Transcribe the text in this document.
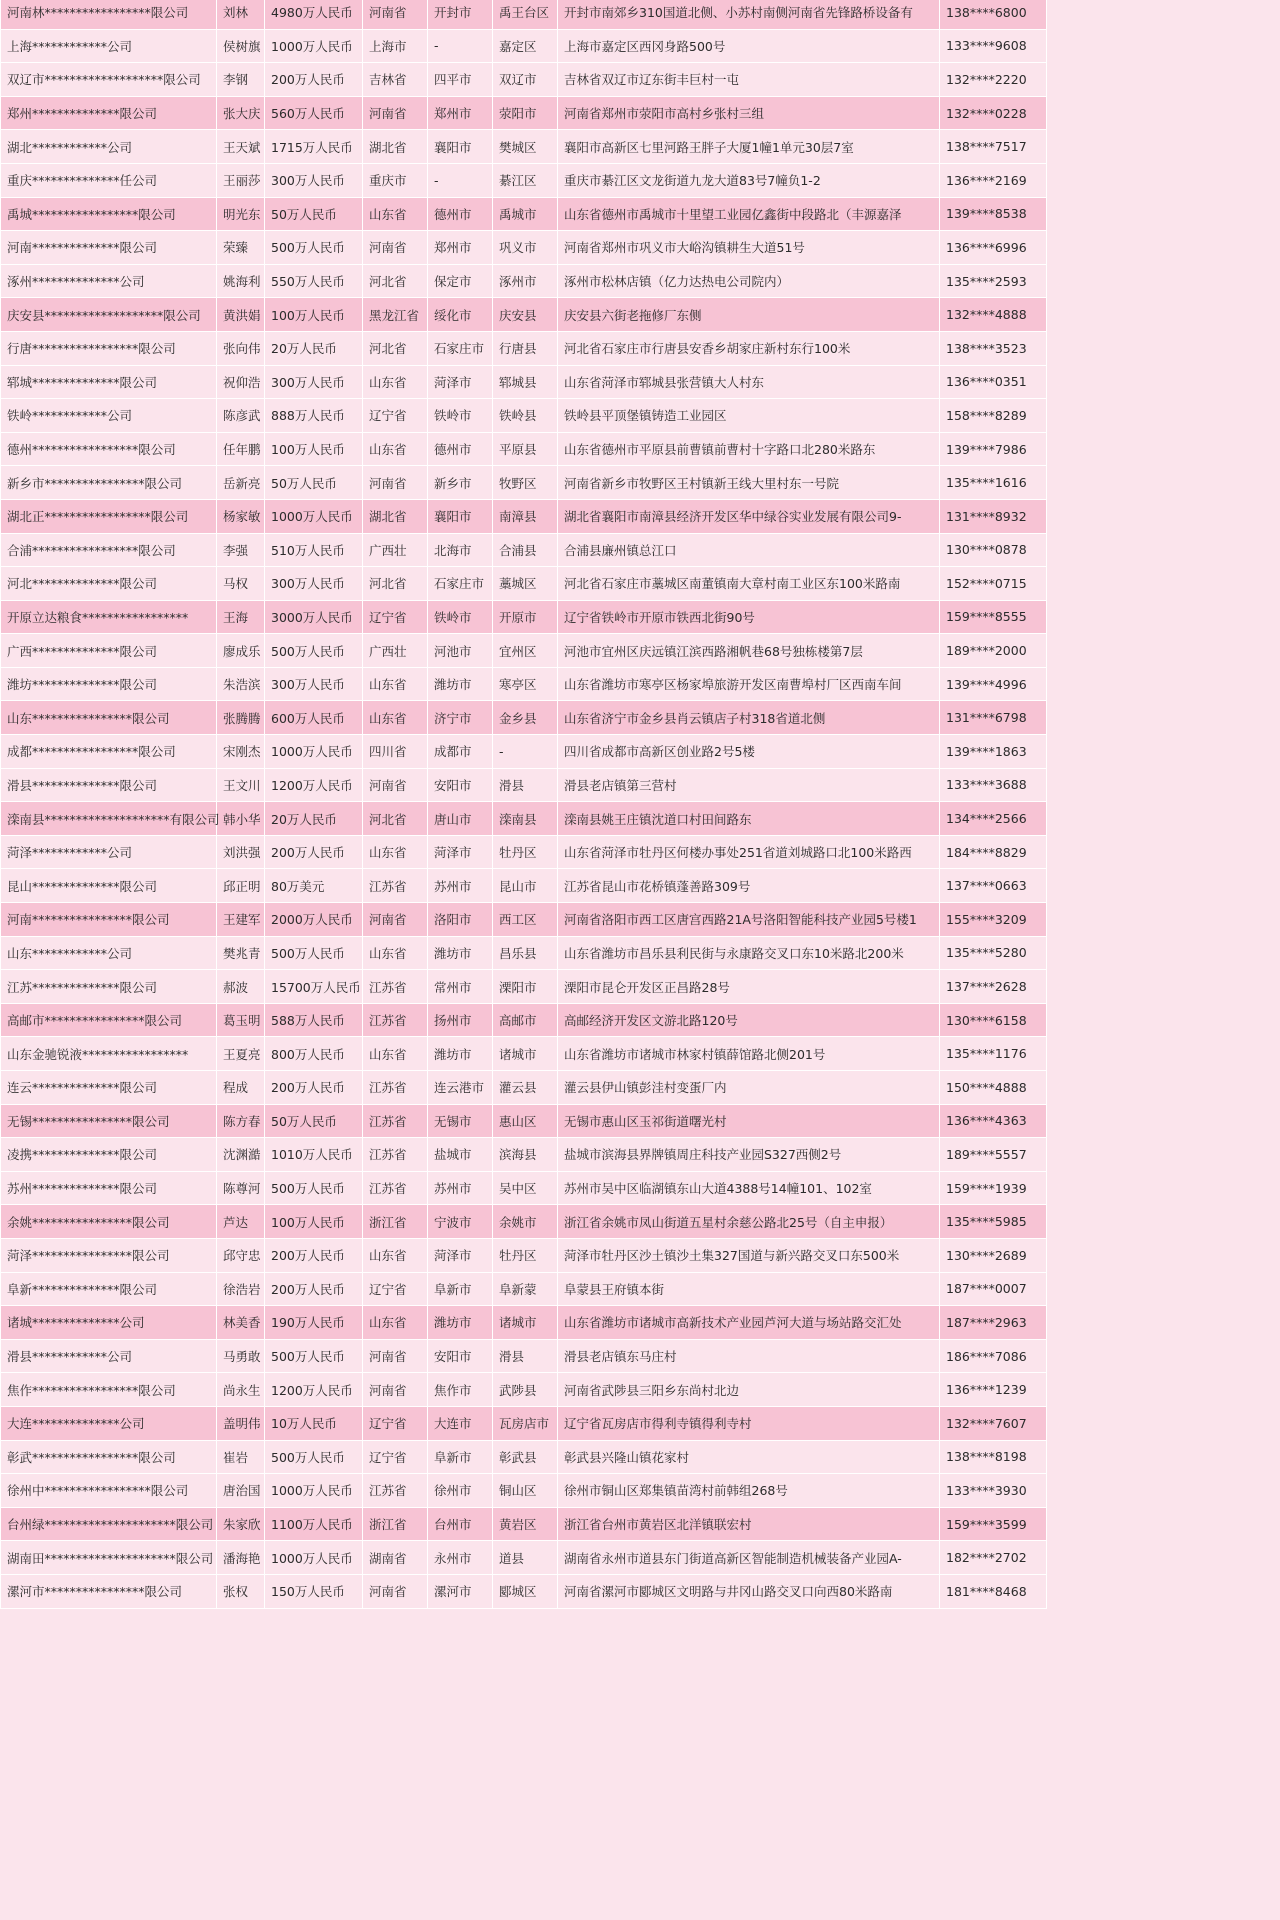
河南林*****************限公司	刘林	4980万人民币	河南省	开封市	禹王台区	开封市南郊乡310国道北侧、小苏村南侧河南省先锋路桥设备有	138****6800
上海************公司	侯树旗	1000万人民币	上海市	-	嘉定区	上海市嘉定区西冈身路500号	133****9608
双辽市*******************限公司	李钢	200万人民币	吉林省	四平市	双辽市	吉林省双辽市辽东街丰巨村一屯	132****2220
郑州**************限公司	张大庆	560万人民币	河南省	郑州市	荥阳市	河南省郑州市荥阳市高村乡张村三组	132****0228
湖北************公司	王天斌	1715万人民币	湖北省	襄阳市	樊城区	襄阳市高新区七里河路王胖子大厦1幢1单元30层7室	138****7517
重庆**************任公司	王丽莎	300万人民币	重庆市	-	綦江区	重庆市綦江区文龙街道九龙大道83号7幢负1-2	136****2169
禹城*****************限公司	明光东	50万人民币	山东省	德州市	禹城市	山东省德州市禹城市十里望工业园亿鑫街中段路北（丰源嘉泽	139****8538
河南**************限公司	荣臻	500万人民币	河南省	郑州市	巩义市	河南省郑州市巩义市大峪沟镇耕生大道51号	136****6996
涿州**************公司	姚海利	550万人民币	河北省	保定市	涿州市	涿州市松林店镇（亿力达热电公司院内）	135****2593
庆安县*******************限公司	黄洪娟	100万人民币	黑龙江省	绥化市	庆安县	庆安县六街老拖修厂东侧	132****4888
行唐*****************限公司	张向伟	20万人民币	河北省	石家庄市	行唐县	河北省石家庄市行唐县安香乡胡家庄新村东行100米	138****3523
郓城**************限公司	祝仰浩	300万人民币	山东省	菏泽市	郓城县	山东省菏泽市郓城县张营镇大人村东	136****0351
铁岭************公司	陈彦武	888万人民币	辽宁省	铁岭市	铁岭县	铁岭县平顶堡镇铸造工业园区	158****8289
德州*****************限公司	任年鹏	100万人民币	山东省	德州市	平原县	山东省德州市平原县前曹镇前曹村十字路口北280米路东	139****7986
新乡市****************限公司	岳新亮	50万人民币	河南省	新乡市	牧野区	河南省新乡市牧野区王村镇新王线大里村东一号院	135****1616
湖北正*****************限公司	杨家敏	1000万人民币	湖北省	襄阳市	南漳县	湖北省襄阳市南漳县经济开发区华中绿谷实业发展有限公司9-	131****8932
合浦*****************限公司	李强	510万人民币	广西壮	北海市	合浦县	合浦县廉州镇总江口	130****0878
河北**************限公司	马权	300万人民币	河北省	石家庄市	藁城区	河北省石家庄市藁城区南董镇南大章村南工业区东100米路南	152****0715
开原立达粮食*****************	王海	3000万人民币	辽宁省	铁岭市	开原市	辽宁省铁岭市开原市铁西北街90号	159****8555
广西**************限公司	廖成乐	500万人民币	广西壮	河池市	宜州区	河池市宜州区庆远镇江滨西路湘帆巷68号独栋楼第7层	189****2000
潍坊**************限公司	朱浩滨	300万人民币	山东省	潍坊市	寒亭区	山东省潍坊市寒亭区杨家埠旅游开发区南曹埠村厂区西南车间	139****4996
山东****************限公司	张腾腾	600万人民币	山东省	济宁市	金乡县	山东省济宁市金乡县肖云镇店子村318省道北侧	131****6798
成都*****************限公司	宋刚杰	1000万人民币	四川省	成都市	-	四川省成都市高新区创业路2号5楼	139****1863
滑县**************限公司	王文川	1200万人民币	河南省	安阳市	滑县	滑县老店镇第三营村	133****3688
滦南县********************有限公司	韩小华	20万人民币	河北省	唐山市	滦南县	滦南县姚王庄镇沈道口村田间路东	134****2566
菏泽************公司	刘洪强	200万人民币	山东省	菏泽市	牡丹区	山东省菏泽市牡丹区何楼办事处251省道刘城路口北100米路西	184****8829
昆山**************限公司	邱正明	80万美元	江苏省	苏州市	昆山市	江苏省昆山市花桥镇蓬善路309号	137****0663
河南****************限公司	王建军	2000万人民币	河南省	洛阳市	西工区	河南省洛阳市西工区唐宫西路21A号洛阳智能科技产业园5号楼1	155****3209
山东************公司	樊兆青	500万人民币	山东省	潍坊市	昌乐县	山东省潍坊市昌乐县利民街与永康路交叉口东10米路北200米	135****5280
江苏**************限公司	郝波	15700万人民币	江苏省	常州市	溧阳市	溧阳市昆仑开发区正昌路28号	137****2628
高邮市****************限公司	葛玉明	588万人民币	江苏省	扬州市	高邮市	高邮经济开发区文游北路120号	130****6158
山东金驰锐液*****************	王夏亮	800万人民币	山东省	潍坊市	诸城市	山东省潍坊市诸城市林家村镇薛馆路北侧201号	135****1176
连云**************限公司	程成	200万人民币	江苏省	连云港市	灌云县	灌云县伊山镇彭洼村变蛋厂内	150****4888
无锡****************限公司	陈方春	50万人民币	江苏省	无锡市	惠山区	无锡市惠山区玉祁街道曙光村	136****4363
凌携**************限公司	沈渊澔	1010万人民币	江苏省	盐城市	滨海县	盐城市滨海县界牌镇周庄科技产业园S327西侧2号	189****5557
苏州**************限公司	陈尊河	500万人民币	江苏省	苏州市	吴中区	苏州市吴中区临湖镇东山大道4388号14幢101、102室	159****1939
余姚****************限公司	芦达	100万人民币	浙江省	宁波市	余姚市	浙江省余姚市凤山街道五星村余慈公路北25号（自主申报）	135****5985
菏泽****************限公司	邱守忠	200万人民币	山东省	菏泽市	牡丹区	菏泽市牡丹区沙土镇沙土集327国道与新兴路交叉口东500米	130****2689
阜新**************限公司	徐浩岩	200万人民币	辽宁省	阜新市	阜新蒙	阜蒙县王府镇本街	187****0007
诸城**************公司	林美香	190万人民币	山东省	潍坊市	诸城市	山东省潍坊市诸城市高新技术产业园芦河大道与场站路交汇处	187****2963
滑县************公司	马勇敢	500万人民币	河南省	安阳市	滑县	滑县老店镇东马庄村	186****7086
焦作*****************限公司	尚永生	1200万人民币	河南省	焦作市	武陟县	河南省武陟县三阳乡东尚村北边	136****1239
大连**************公司	盖明伟	10万人民币	辽宁省	大连市	瓦房店市	辽宁省瓦房店市得利寺镇得利寺村	132****7607
彰武*****************限公司	崔岩	500万人民币	辽宁省	阜新市	彰武县	彰武县兴隆山镇花家村	138****8198
徐州中*****************限公司	唐治国	1000万人民币	江苏省	徐州市	铜山区	徐州市铜山区郑集镇苗湾村前韩组268号	133****3930
台州绿*********************限公司	朱家欣	1100万人民币	浙江省	台州市	黄岩区	浙江省台州市黄岩区北洋镇联宏村	159****3599
湖南田*********************限公司	潘海艳	1000万人民币	湖南省	永州市	道县	湖南省永州市道县东门街道高新区智能制造机械装备产业园A-	182****2702
漯河市****************限公司	张权	150万人民币	河南省	漯河市	郾城区	河南省漯河市郾城区文明路与井冈山路交叉口向西80米路南	181****8468
